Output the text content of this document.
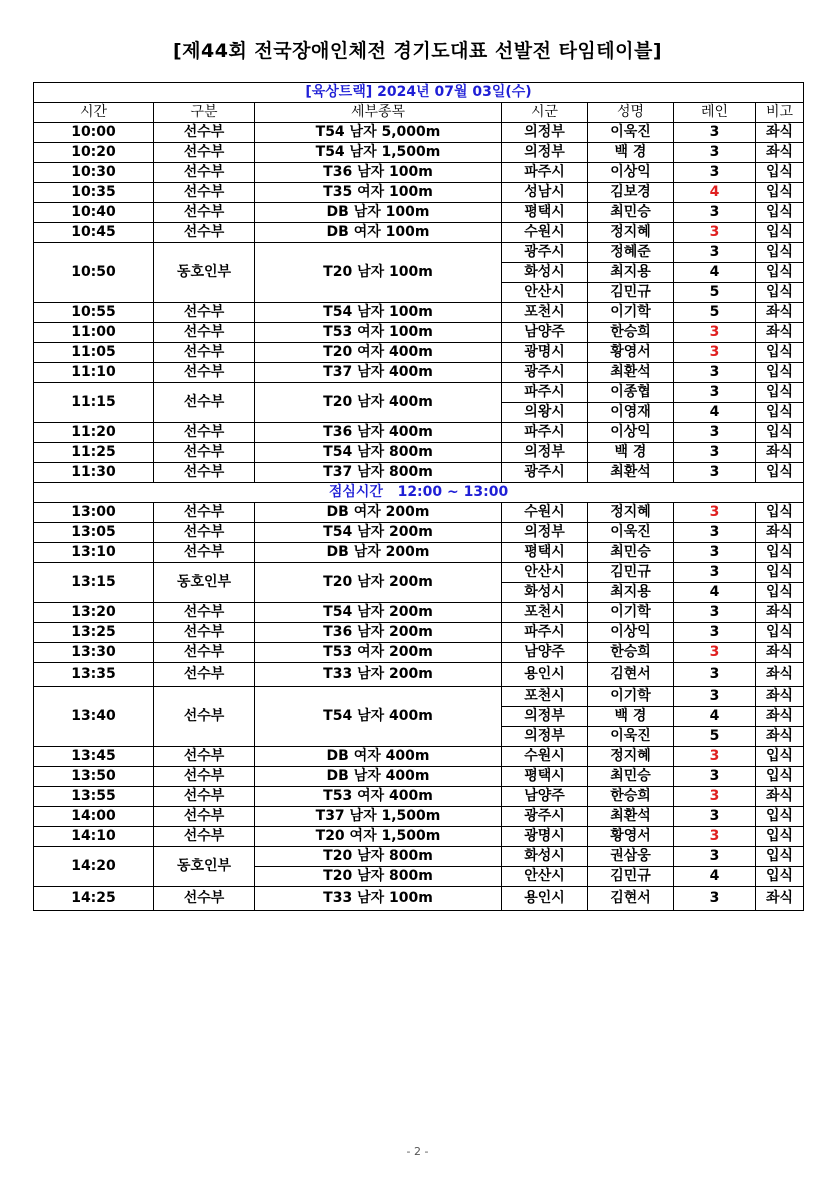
[제44회 전국장애인체전 경기도대표 선발전 타임테이블]
[육상트랙] 2024년 07월 03일(수)						
시간	구분	세부종목	시군	성명	레인	비고
10:00	선수부	T54 남자 5,000m	의정부	이욱진	3	좌식
10:20	선수부	T54 남자 1,500m	의정부	백 경	3	좌식
10:30	선수부	T36 남자 100m	파주시	이상익	3	입식
10:35	선수부	T35 여자 100m	성남시	김보경	4	입식
10:40	선수부	DB 남자 100m	평택시	최민승	3	입식
10:45	선수부	DB 여자 100m	수원시	정지혜	3	입식
10:50	동호인부	T20 남자 100m	광주시	정혜준	3	입식
			화성시	최지용	4	입식
			안산시	김민규	5	입식
10:55	선수부	T54 남자 100m	포천시	이기학	5	좌식
11:00	선수부	T53 여자 100m	남양주	한승희	3	좌식
11:05	선수부	T20 여자 400m	광명시	황영서	3	입식
11:10	선수부	T37 남자 400m	광주시	최환석	3	입식
11:15	선수부	T20 남자 400m	파주시	이종협	3	입식
			의왕시	이영재	4	입식
11:20	선수부	T36 남자 400m	파주시	이상익	3	입식
11:25	선수부	T54 남자 800m	의정부	백 경	3	좌식
11:30	선수부	T37 남자 800m	광주시	최환석	3	입식
점심시간   12:00 ~ 13:00						
13:00	선수부	DB 여자 200m	수원시	정지혜	3	입식
13:05	선수부	T54 남자 200m	의정부	이욱진	3	좌식
13:10	선수부	DB 남자 200m	평택시	최민승	3	입식
13:15	동호인부	T20 남자 200m	안산시	김민규	3	입식
			화성시	최지용	4	입식
13:20	선수부	T54 남자 200m	포천시	이기학	3	좌식
13:25	선수부	T36 남자 200m	파주시	이상익	3	입식
13:30	선수부	T53 여자 200m	남양주	한승희	3	좌식
13:35	선수부	T33 남자 200m	용인시	김현서	3	좌식
13:40	선수부	T54 남자 400m	포천시	이기학	3	좌식
			의정부	백 경	4	좌식
			의정부	이욱진	5	좌식
13:45	선수부	DB 여자 400m	수원시	정지혜	3	입식
13:50	선수부	DB 남자 400m	평택시	최민승	3	입식
13:55	선수부	T53 여자 400m	남양주	한승희	3	좌식
14:00	선수부	T37 남자 1,500m	광주시	최환석	3	입식
14:10	선수부	T20 여자 1,500m	광명시	황영서	3	입식
14:20	동호인부	T20 남자 800m	화성시	권삼웅	3	입식
		T20 남자 800m	안산시	김민규	4	입식
14:25	선수부	T33 남자 100m	용인시	김현서	3	좌식
- 2 -
